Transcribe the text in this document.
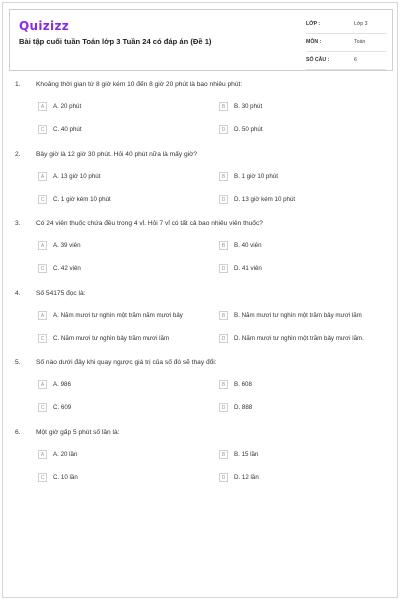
Quizizz
Bài tập cuối tuần Toán lớp 3 Tuần 24 có đáp án (Đề 1)
LỚP :	Lớp 3
MÔN :	Toán
SỐ CÂU :	6
1. Khoảng thời gian từ 8 giờ kém 10 đến 8 giờ 20 phút là bao nhiêu phút:
A	A. 20 phút	B	B. 30 phút
C	C. 40 phút	D	D. 50 phút
2. Bây giờ là 12 giờ 30 phút. Hỏi 40 phút nữa là mấy giờ?
A	A. 13 giờ 10 phút	B	B. 1 giờ 10 phút
C	C. 1 giờ kém 10 phút	D	D. 13 giờ kém 10 phút
3. Có 24 viên thuốc chứa đều trong 4 vỉ. Hỏi 7 vỉ có tất cả bao nhiêu viên thuốc?
A	A. 39 viên	B	B. 40 viên
C	C. 42 viên	D	D. 41 viên
4. Số 54175 đọc là:
A	A. Năm mươi tư nghìn một trăm năm mươi bảy	B	B. Năm mươi tư nghìn một trăm bảy mươi lăm
C	C. Năm mươi tư nghìn bảy trăm mươi lăm	D	D. Năm mươi tư nghìn một trăm bảy mươi lăm.
5. Số nào dưới đây khi quay ngược giá trị của số đó sẽ thay đổi:
A	A. 986	B	B. 608
C	C. 609	D	D. 888
6. Một giờ gấp 5 phút số lần là:
A	A. 20 lần	B	B. 15 lần
C	C. 10 lần	D	D. 12 lần
